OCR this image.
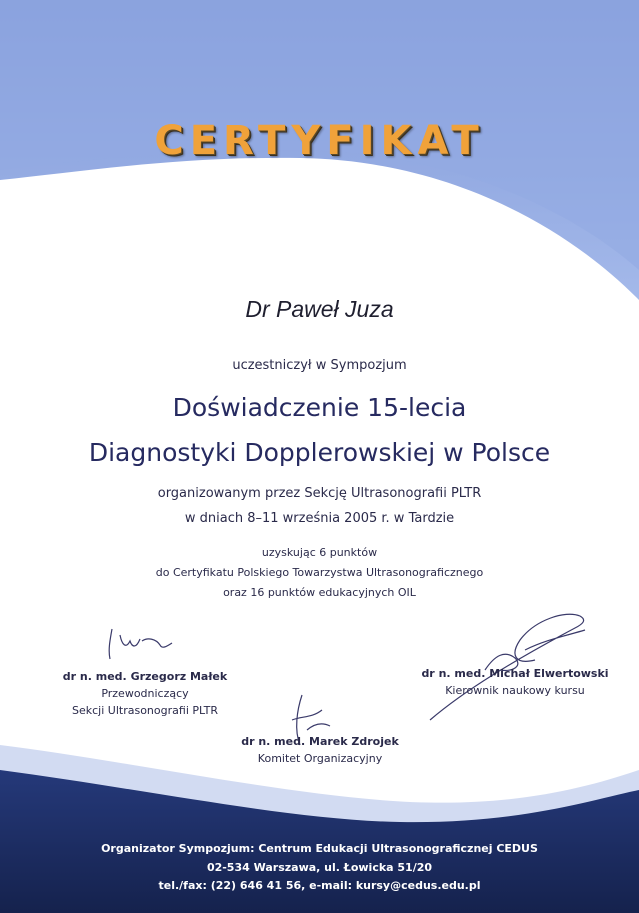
CERTYFIKAT
Dr Paweł Juza
uczestniczył w Sympozjum
Doświadczenie 15-lecia
Diagnostyki Dopplerowskiej w Polsce
organizowanym przez Sekcję Ultrasonografii PLTR
w dniach 8–11 września 2005 r. w Tardzie
uzyskując 6 punktów
do Certyfikatu Polskiego Towarzystwa Ultrasonograficznego
oraz 16 punktów edukacyjnych OIL
dr n. med. Grzegorz Małek
Przewodniczący
Sekcji Ultrasonografii PLTR
dr n. med. Michał Elwertowski
Kierownik naukowy kursu
dr n. med. Marek Zdrojek
Komitet Organizacyjny
Organizator Sympozjum: Centrum Edukacji Ultrasonograficznej CEDUS
02-534 Warszawa, ul. Łowicka 51/20
tel./fax: (22) 646 41 56, e-mail: kursy@cedus.edu.pl
